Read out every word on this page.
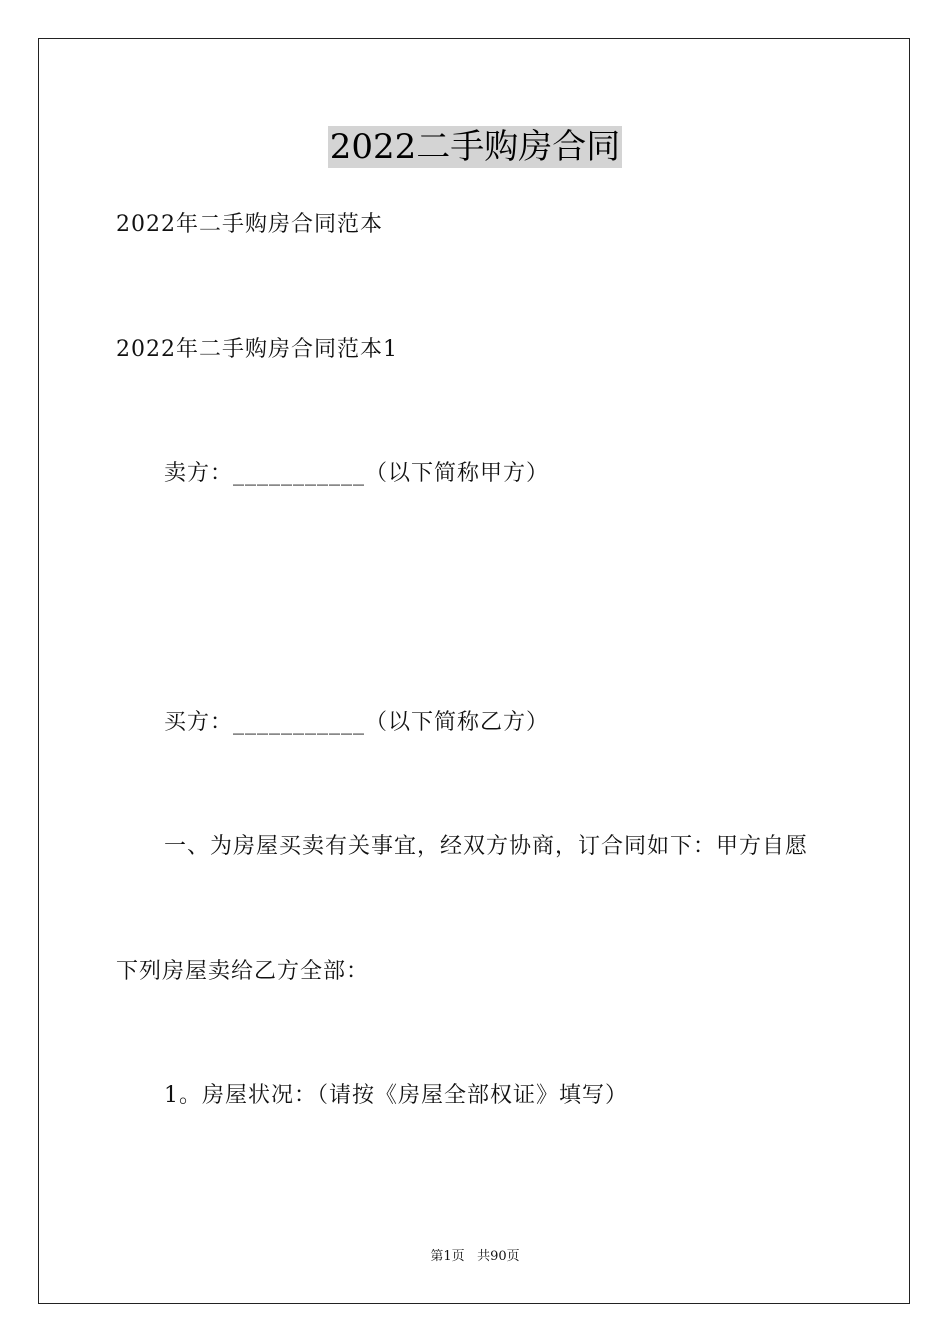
2022二手购房合同
2022年二手购房合同范本
2022年二手购房合同范本1
卖方：___________（以下简称甲方）
买方：___________（以下简称乙方）
一、为房屋买卖有关事宜，经双方协商，订合同如下：甲方自愿
下列房屋卖给乙方全部：
1。房屋状况：（请按《房屋全部权证》填写）
第1页 共90页
